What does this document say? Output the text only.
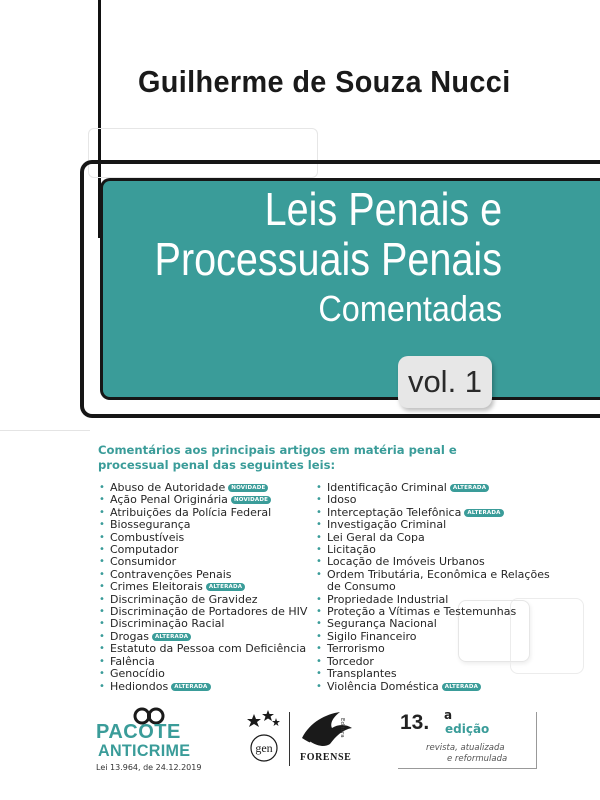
Guilherme de Souza Nucci
Leis Penais e
Processuais Penais
Comentadas
vol. 1
Comentários aos principais artigos em matéria penal e processual penal das seguintes leis:
• Abuso de Autoridade NOVIDADE
• Ação Penal Originária NOVIDADE
• Atribuições da Polícia Federal
• Biossegurança
• Combustíveis
• Computador
• Consumidor
• Contravenções Penais
• Crimes Eleitorais ALTERADA
• Discriminação de Gravidez
• Discriminação de Portadores de HIV
• Discriminação Racial
• Drogas ALTERADA
• Estatuto da Pessoa com Deficiência
• Falência
• Genocídio
• Hediondos ALTERADA
• Identificação Criminal ALTERADA
• Idoso
• Interceptação Telefônica ALTERADA
• Investigação Criminal
• Lei Geral da Copa
• Licitação
• Locação de Imóveis Urbanos
• Ordem Tributária, Econômica e Relações
de Consumo
• Propriedade Industrial
• Proteção a Vítimas e Testemunhas
• Segurança Nacional
• Sigilo Financeiro
• Terrorismo
• Torcedor
• Transplantes
• Violência Doméstica ALTERADA
PACOTE
ANTICRIME
Lei 13.964, de 24.12.2019
gen
FORENSE
Editora	13. a
edição
revista, atualizada
e reformulada
